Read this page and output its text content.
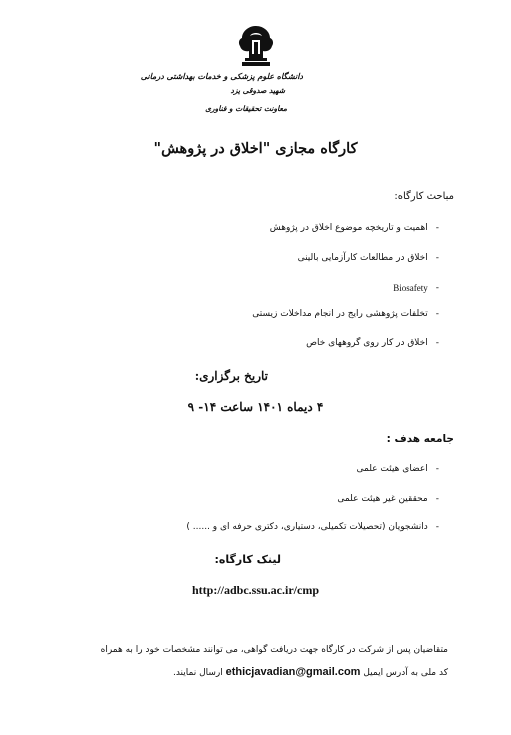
دانشگاه علوم پزشکی و خدمات بهداشتی درمانی
شهید صدوقی یزد
معاونت تحقیقات و فناوری
کارگاه مجازی "اخلاق در پژوهش"
مباحث کارگاه:
-
اهمیت و تاریخچه موضوع اخلاق در پژوهش
-
اخلاق در مطالعات کارآزمایی بالینی
-
Biosafety
-
تخلفات پژوهشی رایج در انجام مداخلات زیستی
-
اخلاق در کار روی گروههای خاص
تاریخ برگزاری:
۴ دیماه ۱۴۰۱ ساعت ۱۴- ۹
جامعه هدف :
-
اعضای هیئت علمی
-
محققین غیر هیئت علمی
-
دانشجویان (تحصیلات تکمیلی، دستیاری، دکتری حرفه ای و ...... )
لینک کارگاه:
http://adbc.ssu.ac.ir/cmp
متقاضیان پس از شرکت در کارگاه جهت دریافت گواهی، می توانند مشخصات خود را به همراه
کد ملی به آدرس ایمیل ethicjavadian@gmail.com ارسال نمایند.
